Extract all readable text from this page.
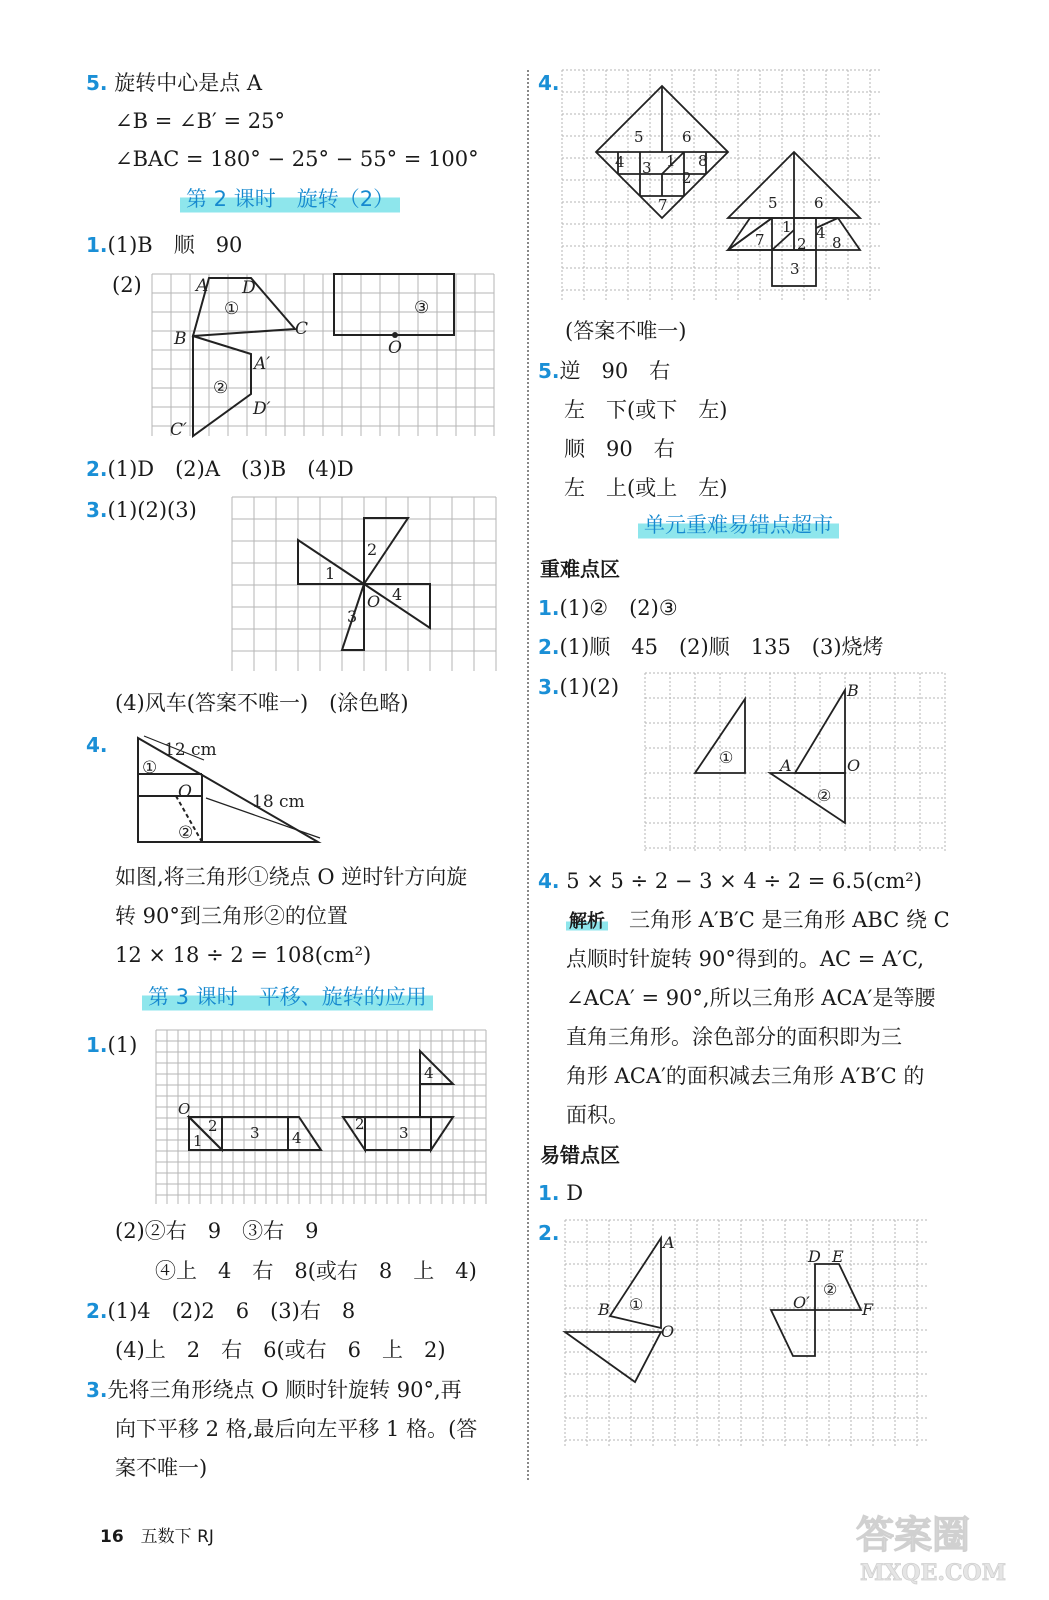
5. 旋转中心是点 A
∠B = ∠B′ = 25°
∠BAC = 180° − 25° − 55° = 100°
第 2 课时　旋转（2）
1.(1)B　顺　90
(2)	A D
①
C
B
②
A′
D′
C′
③
O
2.(1)D　(2)A　(3)B　(4)D
3.(1)(2)(3)
2
1
O 4
3
(4)风车(答案不唯一)　(涂色略)
4.	12 cm
①
O	18 cm
②
如图,将三角形①绕点 O 逆时针方向旋
转 90°到三角形②的位置
12 × 18 ÷ 2 = 108(cm²)
第 3 课时　平移、旋转的应用
1.(1)
4
O
2
1	3 4
2 3
(2)②右　9　③右　9
④上　4　右　8(或右　8　上　4)
2.(1)4　(2)2　6　(3)右　8
(4)上　2　右　6(或右　6　上　2)
3.先将三角形绕点 O 顺时针旋转 90°,再
向下平移 2 格,最后向左平移 1 格。(答
案不唯一)
4.
5	6
4 3 1 8
2
7	5 6
7
1
2
4
8
3
(答案不唯一)
5.逆　90　右
左　下(或下　左)
顺　90　右
左　上(或上　左)
单元重难易错点超市
重难点区
1.(1)②　(2)③
2.(1)顺　45　(2)顺　135　(3)烧烤
3.(1)(2)	B
①	A	O
②
4. 5 × 5 ÷ 2 − 3 × 4 ÷ 2 = 6.5(cm²)
解析　 三角形 A′B′C 是三角形 ABC 绕 C
点顺时针旋转 90°得到的。AC = A′C,
∠ACA′ = 90°,所以三角形 ACA′是等腰
直角三角形。涂色部分的面积即为三
角形 ACA′的面积减去三角形 A′B′C 的
面积。
易错点区
1. D
2.	A
B ①
O
D E
②
O′	F
16　 五数下 RJ	答案圈
MXQE.COM
